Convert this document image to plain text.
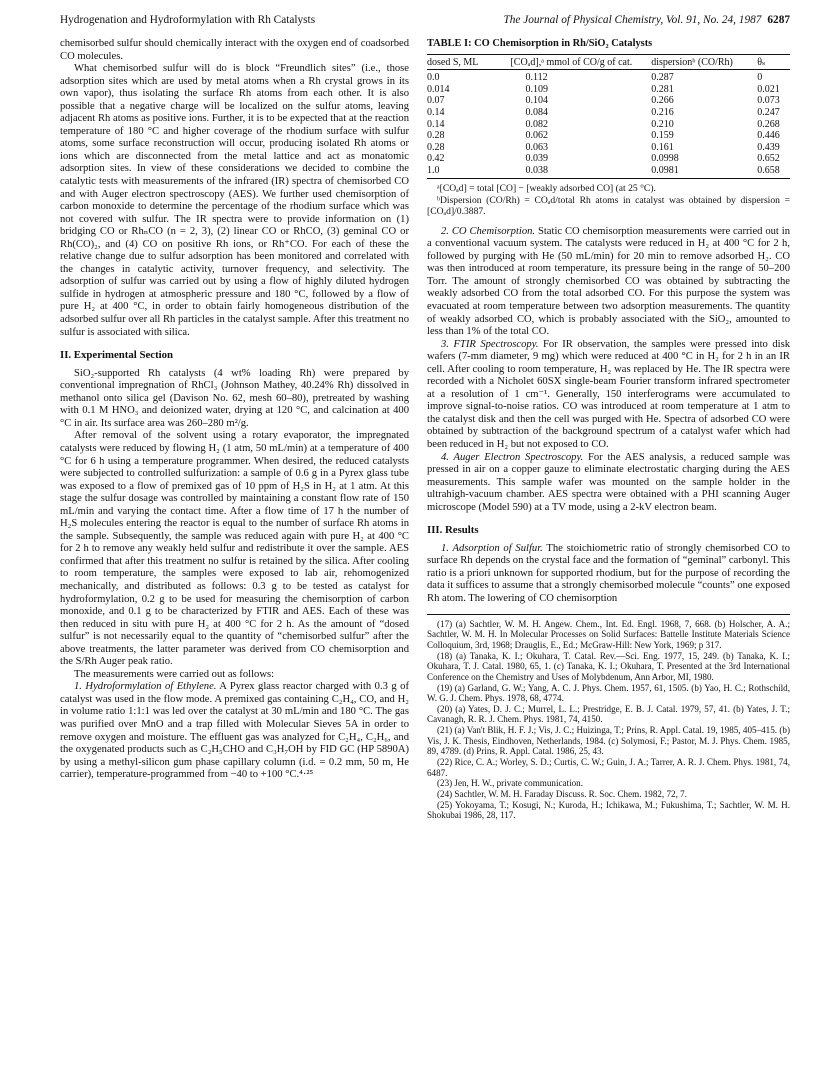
Hydrogenation and Hydroformylation with Rh Catalysts	The Journal of Physical Chemistry, Vol. 91, No. 24, 1987 6287

chemisorbed sulfur should chemically interact with the oxygen end of coadsorbed CO molecules.

What chemisorbed sulfur will do is block “Freundlich sites” (i.e., those adsorption sites which are used by metal atoms when a Rh crystal grows in its own vapor), thus isolating the surface Rh atoms from each other. It is also possible that a negative charge will be localized on the sulfur atoms, leaving adjacent Rh atoms as positive ions. Further, it is to be expected that at the reaction temperature of 180 °C and higher coverage of the rhodium surface with sulfur atoms, some surface reconstruction will occur, producing isolated Rh atoms or ions which are disconnected from the metal lattice and act as monatomic adsorption sites. In view of these considerations we decided to combine the catalytic tests with measurements of the infrared (IR) spectra of chemisorbed CO and with Auger electron spectroscopy (AES). We further used chemisorption of carbon monoxide to determine the percentage of the rhodium surface which was not covered with sulfur. The IR spectra were to provide information on (1) bridging CO or RhₙCO (n = 2, 3), (2) linear CO or RhCO, (3) geminal CO or Rh(CO)₂, and (4) CO on positive Rh ions, or Rh⁺CO. For each of these the relative change due to sulfur adsorption has been monitored and correlated with the changes in catalytic activity, turnover frequency, and selectivity. The adsorption of sulfur was carried out by using a flow of highly diluted hydrogen sulfide in hydrogen at atmospheric pressure and 180 °C, followed by a flow of pure H₂ at 400 °C, in order to obtain fairly homogeneous distribution of the adsorbed sulfur over all Rh particles in the catalyst sample. After this treatment no sulfur is associated with silica.

II. Experimental Section

SiO₂-supported Rh catalysts (4 wt% loading Rh) were prepared by conventional impregnation of RhCl₃ (Johnson Mathey, 40.24% Rh) dissolved in methanol onto silica gel (Davison No. 62, mesh 60–80), pretreated by washing with 0.1 M HNO₃ and deionized water, drying at 120 °C, and calcination at 400 °C in air. Its surface area was 260–280 m²/g.

After removal of the solvent using a rotary evaporator, the impregnated catalysts were reduced by flowing H₂ (1 atm, 50 mL/min) at a temperature of 400 °C for 6 h using a temperature programmer. When desired, the reduced catalysts were subjected to controlled sulfurization: a sample of 0.6 g in a Pyrex glass tube was exposed to a flow of premixed gas of 10 ppm of H₂S in H₂ at 1 atm. At this stage the sulfur dosage was controlled by maintaining a constant flow rate of 150 mL/min and varying the contact time. After a flow time of 17 h the number of H₂S molecules entering the reactor is equal to the number of surface Rh atoms in the sample. Subsequently, the sample was reduced again with pure H₂ at 400 °C for 2 h to remove any weakly held sulfur and redistribute it over the sample. AES confirmed that after this treatment no sulfur is retained by the silica. After cooling to room temperature, the samples were exposed to lab air, rehomogenized mechanically, and distributed as follows: 0.3 g to be tested as catalyst for hydroformylation, 0.2 g to be used for measuring the chemisorption of carbon monoxide, and 0.1 g to be characterized by FTIR and AES. Each of these was then reduced in situ with pure H₂ at 400 °C for 2 h. As the amount of “dosed sulfur” is not necessarily equal to the quantity of “chemisorbed sulfur” after the above treatments, the latter parameter was derived from CO chemisorption and the S/Rh Auger peak ratio.

The measurements were carried out as follows:

1. Hydroformylation of Ethylene. A Pyrex glass reactor charged with 0.3 g of catalyst was used in the flow mode. A premixed gas containing C₂H₄, CO, and H₂ in volume ratio 1:1:1 was led over the catalyst at 30 mL/min and 180 °C. The gas was purified over MnO and a trap filled with Molecular Sieves 5A in order to remove oxygen and moisture. The effluent gas was analyzed for C₂H₄, C₂H₆, and the oxygenated products such as C₂H₅CHO and C₃H₇OH by FID GC (HP 5890A) by using a methyl-silicon gum phase capillary column (i.d. = 0.2 mm, 50 m, He carrier), temperature-programmed from −40 to +100 °C.⁴·²⁵

TABLE I: CO Chemisorption in Rh/SiO₂ Catalysts
dosed S, ML	[COₐd],ᵃ mmol of CO/g of cat.	dispersionᵇ (CO/Rh)	θₛ
0.0	0.112	0.287	0
0.014	0.109	0.281	0.021
0.07	0.104	0.266	0.073
0.14	0.084	0.216	0.247
0.14	0.082	0.210	0.268
0.28	0.062	0.159	0.446
0.28	0.063	0.161	0.439
0.42	0.039	0.0998	0.652
1.0	0.038	0.0981	0.658

ᵃ[COₐd] = total [CO] − [weakly adsorbed CO] (at 25 °C).

ᵇDispersion (CO/Rh) = COₐd/total Rh atoms in catalyst was obtained by dispersion = [COₐd]/0.3887.

2. CO Chemisorption. Static CO chemisorption measurements were carried out in a conventional vacuum system. The catalysts were reduced in H₂ at 400 °C for 2 h, followed by purging with He (50 mL/min) for 20 min to remove adsorbed H₂. CO was then introduced at room temperature, its pressure being in the range of 50–200 Torr. The amount of strongly chemisorbed CO was obtained by subtracting the weakly adsorbed CO from the total adsorbed CO. For this purpose the system was evacuated at room temperature between two adsorption measurements. The quantity of weakly adsorbed CO, which is probably associated with the SiO₂, amounted to less than 1% of the total CO.

3. FTIR Spectroscopy. For IR observation, the samples were pressed into disk wafers (7-mm diameter, 9 mg) which were reduced at 400 °C in H₂ for 2 h in an IR cell. After cooling to room temperature, H₂ was replaced by He. The IR spectra were recorded with a Nicholet 60SX single-beam Fourier transform infrared spectrometer at a resolution of 1 cm⁻¹. Generally, 150 interferograms were accumulated to improve signal-to-noise ratios. CO was introduced at room temperature at 1 atm to the catalyst disk and then the cell was purged with He. Spectra of adsorbed CO were obtained by subtraction of the background spectrum of a catalyst wafer which had been reduced in H₂ but not exposed to CO.

4. Auger Electron Spectroscopy. For the AES analysis, a reduced sample was pressed in air on a copper gauze to eliminate electrostatic charging during the AES measurements. This sample wafer was mounted on the sample holder in the ultrahigh-vacuum chamber. AES spectra were obtained with a PHI scanning Auger microscope (Model 590) at a TV mode, using a 2-kV electron beam.

III. Results

1. Adsorption of Sulfur. The stoichiometric ratio of strongly chemisorbed CO to surface Rh depends on the crystal face and the formation of “geminal” carbonyl. This ratio is a priori unknown for supported rhodium, but for the purpose of recording the data it suffices to assume that a strongly chemisorbed molecule “counts” one exposed Rh atom. The lowering of CO chemisorption

(17) (a) Sachtler, W. M. H. Angew. Chem., Int. Ed. Engl. 1968, 7, 668. (b) Holscher, A. A.; Sachtler, W. M. H. In Molecular Processes on Solid Surfaces: Battelle Institute Materials Science Colloquium, 3rd, 1968; Drauglis, E., Ed.; McGraw-Hill: New York, 1969; p 317.

(18) (a) Tanaka, K. I.; Okuhara, T. Catal. Rev.—Sci. Eng. 1977, 15, 249. (b) Tanaka, K. I.; Okuhara, T. J. Catal. 1980, 65, 1. (c) Tanaka, K. I.; Okuhara, T. Presented at the 3rd International Conference on the Chemistry and Uses of Molybdenum, Ann Arbor, MI, 1980.

(19) (a) Garland, G. W.; Yang, A. C. J. Phys. Chem. 1957, 61, 1505. (b) Yao, H. C.; Rothschild, W. G. J. Chem. Phys. 1978, 68, 4774.

(20) (a) Yates, D. J. C.; Murrel, L. L.; Prestridge, E. B. J. Catal. 1979, 57, 41. (b) Yates, J. T.; Cavanagh, R. R. J. Chem. Phys. 1981, 74, 4150.

(21) (a) Van't Blik, H. F. J.; Vis, J. C.; Huizinga, T.; Prins, R. Appl. Catal. 19, 1985, 405–415. (b) Vis, J. K. Thesis, Eindhoven, Netherlands, 1984. (c) Solymosi, F.; Pastor, M. J. Phys. Chem. 1985, 89, 4789. (d) Prins, R. Appl. Catal. 1986, 25, 43.

(22) Rice, C. A.; Worley, S. D.; Curtis, C. W.; Guin, J. A.; Tarrer, A. R. J. Chem. Phys. 1981, 74, 6487.

(23) Jen, H. W., private communication.

(24) Sachtler, W. M. H. Faraday Discuss. R. Soc. Chem. 1982, 72, 7.

(25) Yokoyama, T.; Kosugi, N.; Kuroda, H.; Ichikawa, M.; Fukushima, T.; Sachtler, W. M. H. Shokubai 1986, 28, 117.
